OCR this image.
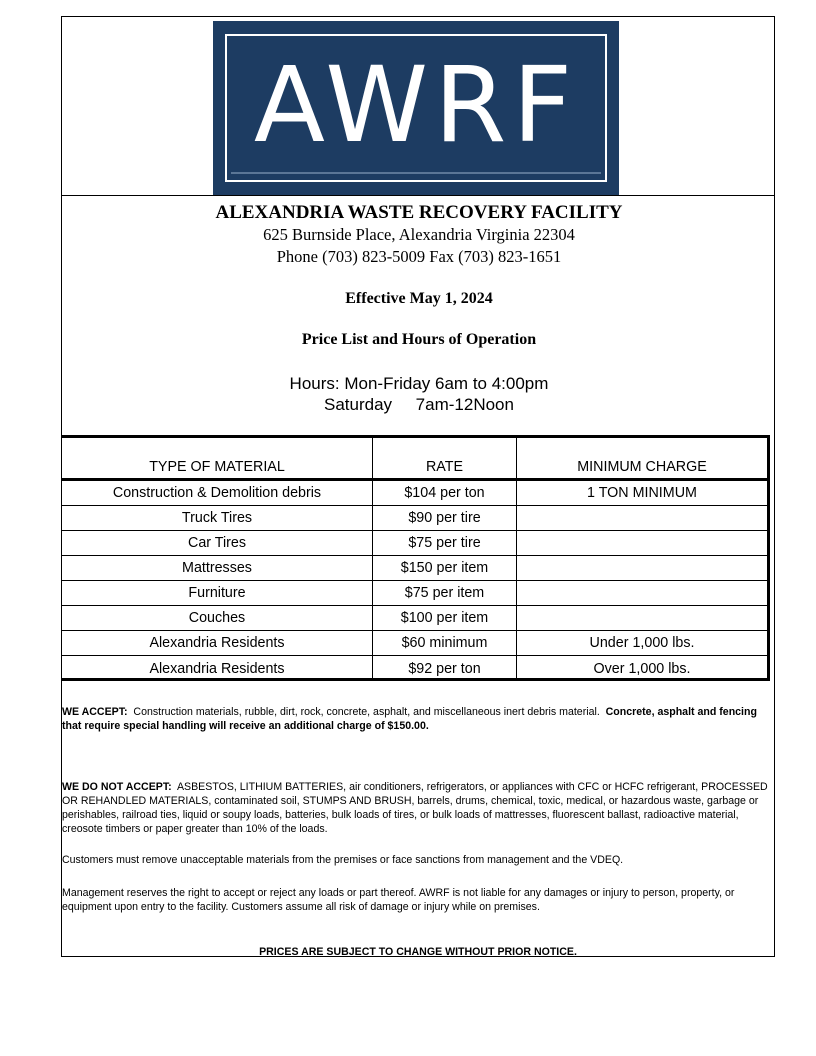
AWRF
ALEXANDRIA WASTE RECOVERY FACILITY
625 Burnside Place, Alexandria Virginia 22304
Phone (703) 823-5009 Fax (703) 823-1651
Effective May 1, 2024
Price List and Hours of Operation
Hours: Mon-Friday 6am to 4:00pm
Saturday     7am-12Noon
TYPE OF MATERIAL	RATE	MINIMUM CHARGE
Construction & Demolition debris	$104 per ton	1 TON MINIMUM
Truck Tires	$90 per tire
Car Tires	$75 per tire
Mattresses	$150 per item
Furniture	$75 per item
Couches	$100 per item
Alexandria Residents	$60 minimum	Under 1,000 lbs.
Alexandria Residents	$92 per ton	Over 1,000 lbs.

WE ACCEPT: Construction materials, rubble, dirt, rock, concrete, asphalt, and miscellaneous inert debris material. Concrete, asphalt and fencing that require special handling will receive an additional charge of $150.00.

WE DO NOT ACCEPT: ASBESTOS, LITHIUM BATTERIES, air conditioners, refrigerators, or appliances with CFC or HCFC refrigerant, PROCESSED OR REHANDLED MATERIALS, contaminated soil, STUMPS AND BRUSH, barrels, drums, chemical, toxic, medical, or hazardous waste, garbage or perishables, railroad ties, liquid or soupy loads, batteries, bulk loads of tires, or bulk loads of mattresses, fluorescent ballast, radioactive material, creosote timbers or paper greater than 10% of the loads.

Customers must remove unacceptable materials from the premises or face sanctions from management and the VDEQ.

Management reserves the right to accept or reject any loads or part thereof. AWRF is not liable for any damages or injury to person, property, or equipment upon entry to the facility. Customers assume all risk of damage or injury while on premises.

PRICES ARE SUBJECT TO CHANGE WITHOUT PRIOR NOTICE.
